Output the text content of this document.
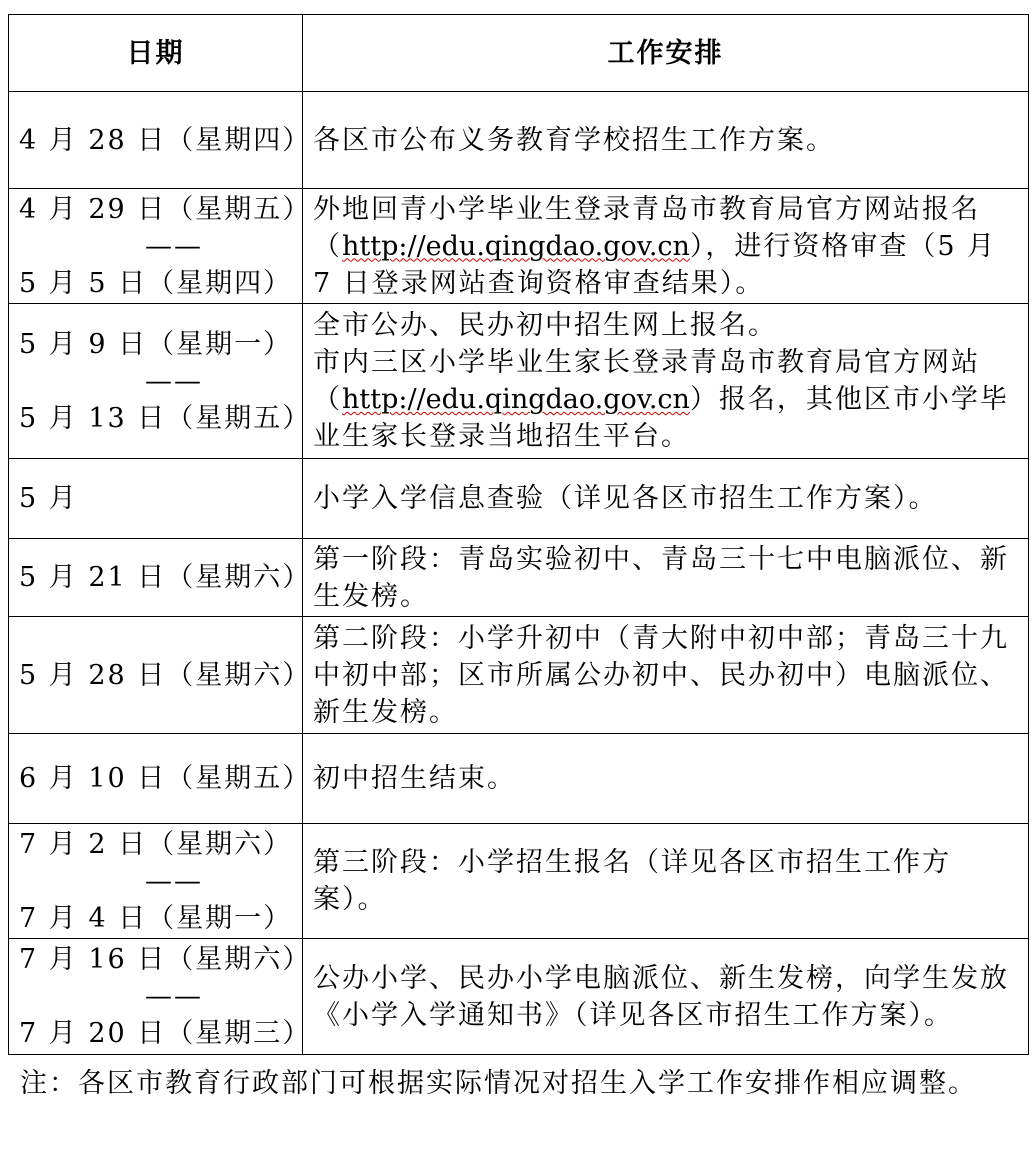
日期	工作安排
4 月 28 日（星期四）	各区市公布义务教育学校招生工作方案。

4 月 29 日（星期五）
——
5 月 5 日（星期四）	外地回青小学毕业生登录青岛市教育局官方网站报名（http://edu.qingdao.gov.cn），进行资格审查（5 月 7 日登录网站查询资格审查结果）。

5 月 9 日（星期一）
——
5 月 13 日（星期五）	全市公办、民办初中招生网上报名。
市内三区小学毕业生家长登录青岛市教育局官方网站（http://edu.qingdao.gov.cn）报名，其他区市小学毕业生家长登录当地招生平台。
5 月	小学入学信息查验（详见各区市招生工作方案）。
5 月 21 日（星期六）	第一阶段：青岛实验初中、青岛三十七中电脑派位、新生发榜。
5 月 28 日（星期六）	第二阶段：小学升初中（青大附中初中部；青岛三十九中初中部；区市所属公办初中、民办初中）电脑派位、新生发榜。
6 月 10 日（星期五）	初中招生结束。

7 月 2 日（星期六）
——
7 月 4 日（星期一）	第三阶段：小学招生报名（详见各区市招生工作方案）。

7 月 16 日（星期六）
——
7 月 20 日（星期三）	公办小学、民办小学电脑派位、新生发榜，向学生发放《小学入学通知书》（详见各区市招生工作方案）。
注：各区市教育行政部门可根据实际情况对招生入学工作安排作相应调整。
